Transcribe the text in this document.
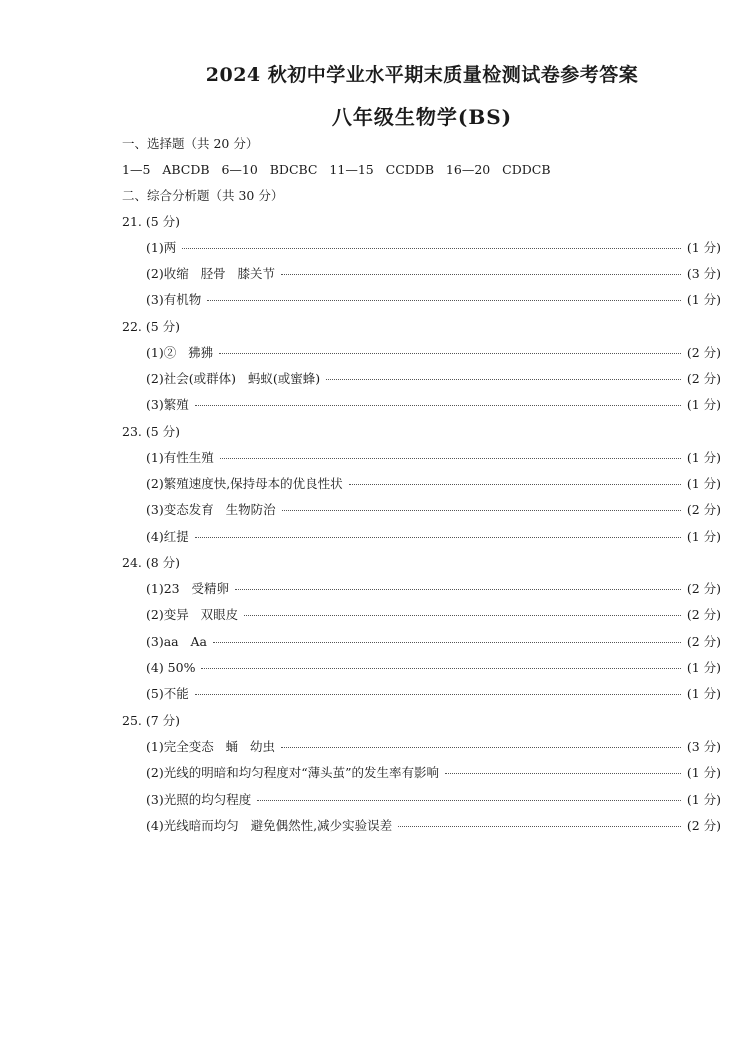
2024 秋初中学业水平期末质量检测试卷参考答案
八年级生物学(BS)
一、选择题（共 20 分）
1—5   ABCDB   6—10   BDCBC   11—15   CCDDB   16—20   CDDCB
二、综合分析题（共 30 分）
21. (5 分)
(1)两	(1 分)
(2)收缩   胫骨   膝关节	(3 分)
(3)有机物	(1 分)
22. (5 分)
(1)②   狒狒	(2 分)
(2)社会(或群体)   蚂蚁(或蜜蜂)	(2 分)
(3)繁殖	(1 分)
23. (5 分)
(1)有性生殖	(1 分)
(2)繁殖速度快,保持母本的优良性状	(1 分)
(3)变态发育   生物防治	(2 分)
(4)红提	(1 分)
24. (8 分)
(1)23   受精卵	(2 分)
(2)变异   双眼皮	(2 分)
(3)aa   Aa	(2 分)
(4) 50%	(1 分)
(5)不能	(1 分)
25. (7 分)
(1)完全变态   蛹   幼虫	(3 分)
(2)光线的明暗和均匀程度对“薄头茧”的发生率有影响	(1 分)
(3)光照的均匀程度	(1 分)
(4)光线暗而均匀   避免偶然性,减少实验误差	(2 分)
